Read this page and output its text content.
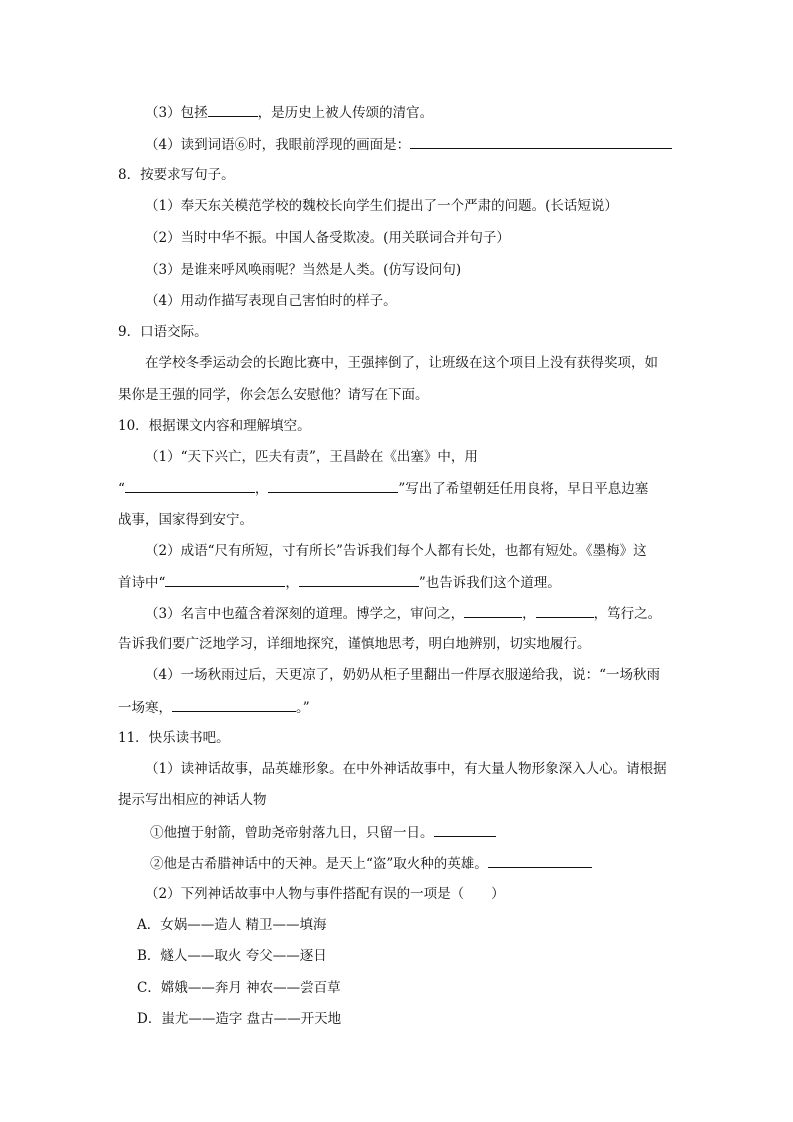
（3）包拯	，是历史上被人传颂的清官。
（4）读到词语⑥时，我眼前浮现的画面是：
8．按要求写句子。
（1）奉天东关模范学校的魏校长向学生们提出了一个严肃的问题。(长话短说）
（2）当时中华不振。中国人备受欺凌。(用关联词合并句子）
（3）是谁来呼风唤雨呢？当然是人类。(仿写设问句)
（4）用动作描写表现自己害怕时的样子。
9．口语交际。
在学校冬季运动会的长跑比赛中，王强摔倒了，让班级在这个项目上没有获得奖项，如
果你是王强的同学，你会怎么安慰他？请写在下面。
10．根据课文内容和理解填空。
（1）“天下兴亡，匹夫有责”，王昌龄在《出塞》中，用
“	，	”写出了希望朝廷任用良将，早日平息边塞
战事，国家得到安宁。
（2）成语“尺有所短，寸有所长”告诉我们每个人都有长处，也都有短处。《墨梅》这
首诗中“	，	”也告诉我们这个道理。
（3）名言中也蕴含着深刻的道理。博学之，审问之，	，	，笃行之。
告诉我们要广泛地学习，详细地探究，谨慎地思考，明白地辨别，切实地履行。
（4）一场秋雨过后，天更凉了，奶奶从柜子里翻出一件厚衣服递给我，说：“一场秋雨
一场寒，	。”
11．快乐读书吧。
（1）读神话故事，品英雄形象。在中外神话故事中，有大量人物形象深入人心。请根据
提示写出相应的神话人物
①他擅于射箭，曾助尧帝射落九日，只留一日。
②他是古希腊神话中的天神。是天上“盗”取火种的英雄。
（2）下列神话故事中人物与事件搭配有误的一项是（　　）
A．女娲——造人 精卫——填海
B．燧人——取火 夸父——逐日
C．嫦娥——奔月 神农——尝百草
D．蚩尤——造字 盘古——开天地
